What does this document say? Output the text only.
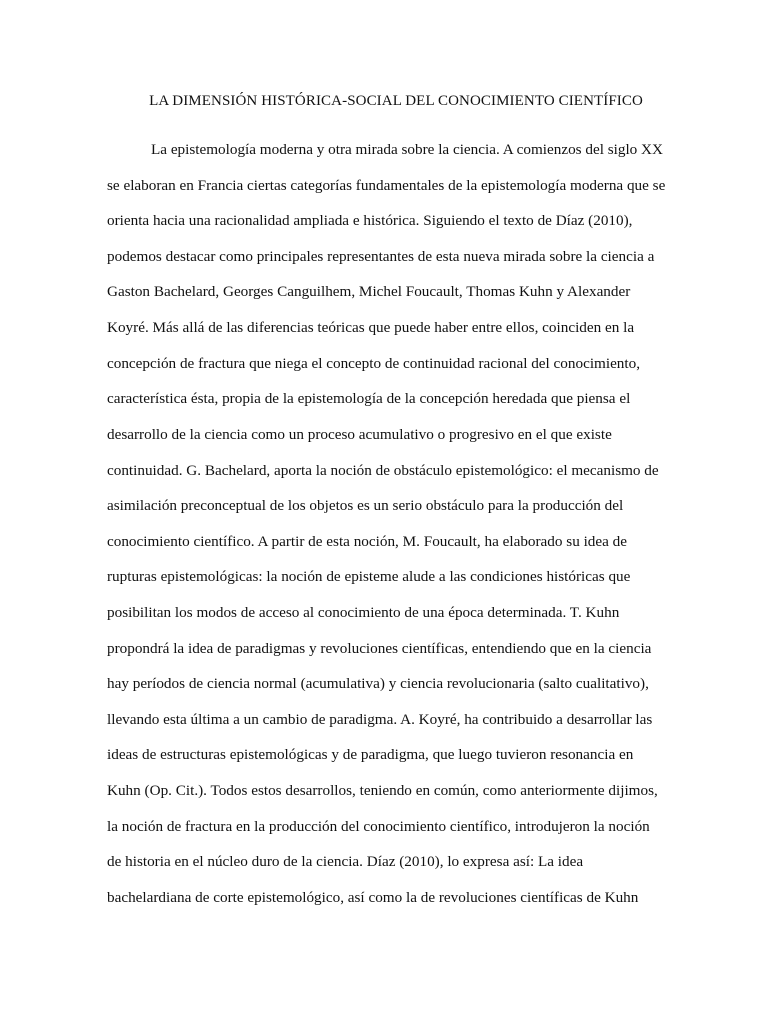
LA DIMENSIÓN HISTÓRICA-SOCIAL DEL CONOCIMIENTO CIENTÍFICO
La epistemología moderna y otra mirada sobre la ciencia. A comienzos del siglo XX
se elaboran en Francia ciertas categorías fundamentales de la epistemología moderna que se
orienta hacia una racionalidad ampliada e histórica. Siguiendo el texto de Díaz (2010),
podemos destacar como principales representantes de esta nueva mirada sobre la ciencia a
Gaston Bachelard, Georges Canguilhem, Michel Foucault, Thomas Kuhn y Alexander
Koyré. Más allá de las diferencias teóricas que puede haber entre ellos, coinciden en la
concepción de fractura que niega el concepto de continuidad racional del conocimiento,
característica ésta, propia de la epistemología de la concepción heredada que piensa el
desarrollo de la ciencia como un proceso acumulativo o progresivo en el que existe
continuidad. G. Bachelard, aporta la noción de obstáculo epistemológico: el mecanismo de
asimilación preconceptual de los objetos es un serio obstáculo para la producción del
conocimiento científico. A partir de esta noción, M. Foucault, ha elaborado su idea de
rupturas epistemológicas: la noción de episteme alude a las condiciones históricas que
posibilitan los modos de acceso al conocimiento de una época determinada. T. Kuhn
propondrá la idea de paradigmas y revoluciones científicas, entendiendo que en la ciencia
hay períodos de ciencia normal (acumulativa) y ciencia revolucionaria (salto cualitativo),
llevando esta última a un cambio de paradigma. A. Koyré, ha contribuido a desarrollar las
ideas de estructuras epistemológicas y de paradigma, que luego tuvieron resonancia en
Kuhn (Op. Cit.). Todos estos desarrollos, teniendo en común, como anteriormente dijimos,
la noción de fractura en la producción del conocimiento científico, introdujeron la noción
de historia en el núcleo duro de la ciencia. Díaz (2010), lo expresa así: La idea
bachelardiana de corte epistemológico, así como la de revoluciones científicas de Kuhn
